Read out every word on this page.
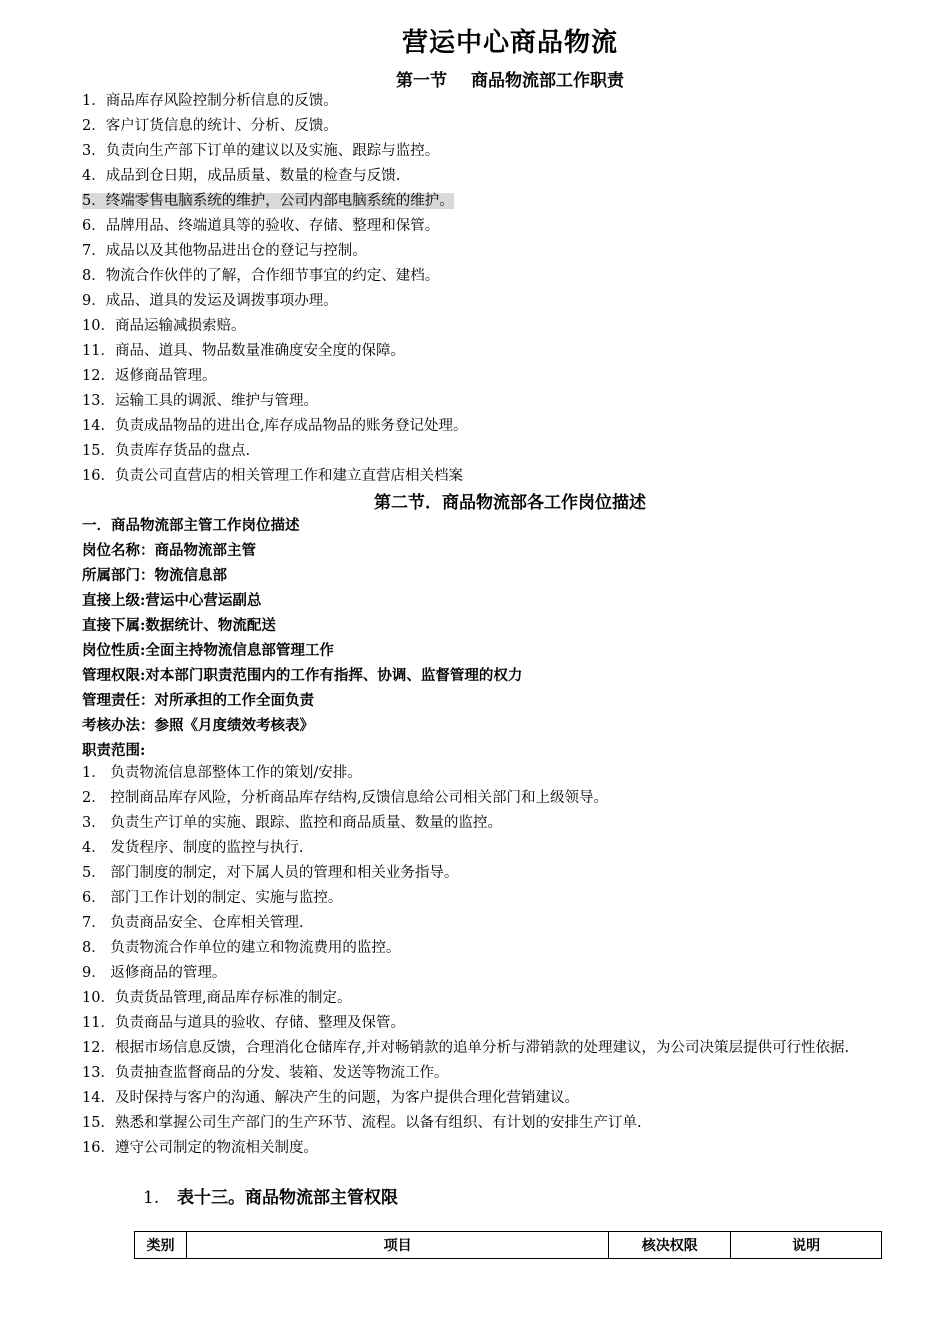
营运中心商品物流
第一节 商品物流部工作职责
1．商品库存风险控制分析信息的反馈。
2．客户订货信息的统计、分析、反馈。
3．负责向生产部下订单的建议以及实施、跟踪与监控。
4．成品到仓日期，成品质量、数量的检查与反馈.
5．终端零售电脑系统的维护，公司内部电脑系统的维护。
6．品牌用品、终端道具等的验收、存储、整理和保管。
7．成品以及其他物品进出仓的登记与控制。
8．物流合作伙伴的了解，合作细节事宜的约定、建档。
9．成品、道具的发运及调拨事项办理。
10．商品运输减损索赔。
11．商品、道具、物品数量准确度安全度的保障。
12．返修商品管理。
13．运输工具的调派、维护与管理。
14．负责成品物品的进出仓,库存成品物品的账务登记处理。
15．负责库存货品的盘点.
16．负责公司直营店的相关管理工作和建立直营店相关档案
第二节．商品物流部各工作岗位描述
一．商品物流部主管工作岗位描述
岗位名称：商品物流部主管
所属部门：物流信息部
直接上级:营运中心营运副总
直接下属:数据统计、物流配送
岗位性质:全面主持物流信息部管理工作
管理权限:对本部门职责范围内的工作有指挥、协调、监督管理的权力
管理责任：对所承担的工作全面负责
考核办法：参照《月度绩效考核表》
职责范围:
1． 负责物流信息部整体工作的策划/安排。
2． 控制商品库存风险，分析商品库存结构,反馈信息给公司相关部门和上级领导。
3． 负责生产订单的实施、跟踪、监控和商品质量、数量的监控。
4． 发货程序、制度的监控与执行.
5． 部门制度的制定，对下属人员的管理和相关业务指导。
6． 部门工作计划的制定、实施与监控。
7． 负责商品安全、仓库相关管理.
8． 负责物流合作单位的建立和物流费用的监控。
9． 返修商品的管理。
10．负责货品管理,商品库存标准的制定。
11．负责商品与道具的验收、存储、整理及保管。
12．根据市场信息反馈，合理消化仓储库存,并对畅销款的追单分析与滞销款的处理建议，为公司决策层提供可行性依据.
13．负责抽查监督商品的分发、装箱、发送等物流工作。
14．及时保持与客户的沟通、解决产生的问题，为客户提供合理化营销建议。
15．熟悉和掌握公司生产部门的生产环节、流程。以备有组织、有计划的安排生产订单.
16．遵守公司制定的物流相关制度。
1. 表十三。商品物流部主管权限
类别	项目	核决权限	说明
